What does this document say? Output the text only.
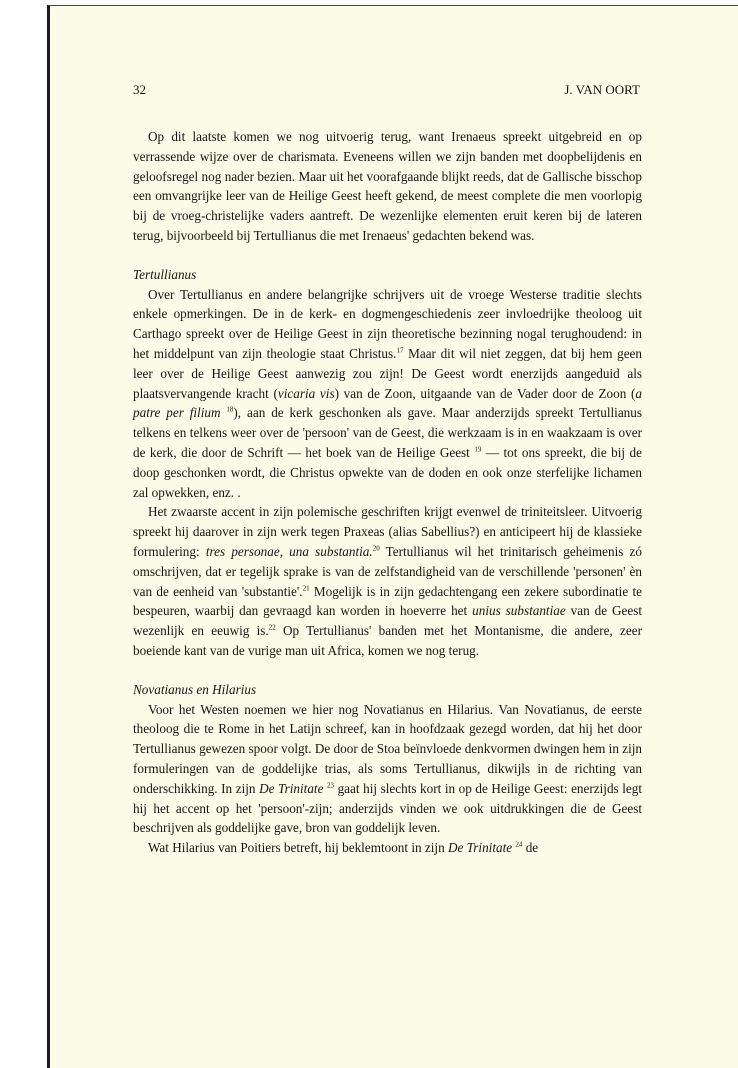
32	J. VAN OORT

Op dit laatste komen we nog uitvoerig terug, want Irenaeus spreekt uitgebreid en op verrassende wijze over de charismata. Eveneens willen we zijn banden met doopbelijdenis en geloofsregel nog nader bezien. Maar uit het voorafgaande blijkt reeds, dat de Gallische bisschop een omvangrijke leer van de Heilige Geest heeft gekend, de meest complete die men voorlopig bij de vroeg-christelijke vaders aantreft. De wezenlijke elementen eruit keren bij de lateren terug, bijvoorbeeld bij Tertullianus die met Irenaeus' gedachten bekend was.

Tertullianus

Over Tertullianus en andere belangrijke schrijvers uit de vroege Westerse traditie slechts enkele opmerkingen. De in de kerk- en dogmengeschiedenis zeer invloedrijke theoloog uit Carthago spreekt over de Heilige Geest in zijn theoretische bezinning nogal terughoudend: in het middelpunt van zijn theologie staat Christus.$^{17}$ Maar dit wil niet zeggen, dat bij hem geen leer over de Heilige Geest aanwezig zou zijn! De Geest wordt enerzijds aangeduid als plaatsvervangende kracht (vicaria vis) van de Zoon, uitgaande van de Vader door de Zoon (a patre per filium $^{18}$), aan de kerk geschonken als gave. Maar anderzijds spreekt Tertullianus telkens en telkens weer over de 'persoon' van de Geest, die werkzaam is in en waakzaam is over de kerk, die door de Schrift — het boek van de Heilige Geest $^{19}$ — tot ons spreekt, die bij de doop geschonken wordt, die Christus opwekte van de doden en ook onze sterfelijke lichamen zal opwekken, enz. .

Het zwaarste accent in zijn polemische geschriften krijgt evenwel de triniteitsleer. Uitvoerig spreekt hij daarover in zijn werk tegen Praxeas (alias Sabellius?) en anticipeert hij de klassieke formulering: tres personae, una substantia.$^{20}$ Tertullianus wil het trinitarisch geheimenis zó omschrijven, dat er tegelijk sprake is van de zelfstandigheid van de verschillende 'personen' èn van de eenheid van 'substantie'.$^{21}$ Mogelijk is in zijn gedachtengang een zekere subordinatie te bespeuren, waarbij dan gevraagd kan worden in hoeverre het unius substantiae van de Geest wezenlijk en eeuwig is.$^{22}$ Op Tertullianus' banden met het Montanisme, die andere, zeer boeiende kant van de vurige man uit Africa, komen we nog terug.

Novatianus en Hilarius

Voor het Westen noemen we hier nog Novatianus en Hilarius. Van Novatianus, de eerste theoloog die te Rome in het Latijn schreef, kan in hoofdzaak gezegd worden, dat hij het door Tertullianus gewezen spoor volgt. De door de Stoa beïnvloede denkvormen dwingen hem in zijn formuleringen van de goddelijke trias, als soms Tertullianus, dikwijls in de richting van onderschikking. In zijn De Trinitate $^{23}$ gaat hij slechts kort in op de Heilige Geest: enerzijds legt hij het accent op het 'persoon'-zijn; anderzijds vinden we ook uitdrukkingen die de Geest beschrijven als goddelijke gave, bron van goddelijk leven.

Wat Hilarius van Poitiers betreft, hij beklemtoont in zijn De Trinitate $^{24}$ de
